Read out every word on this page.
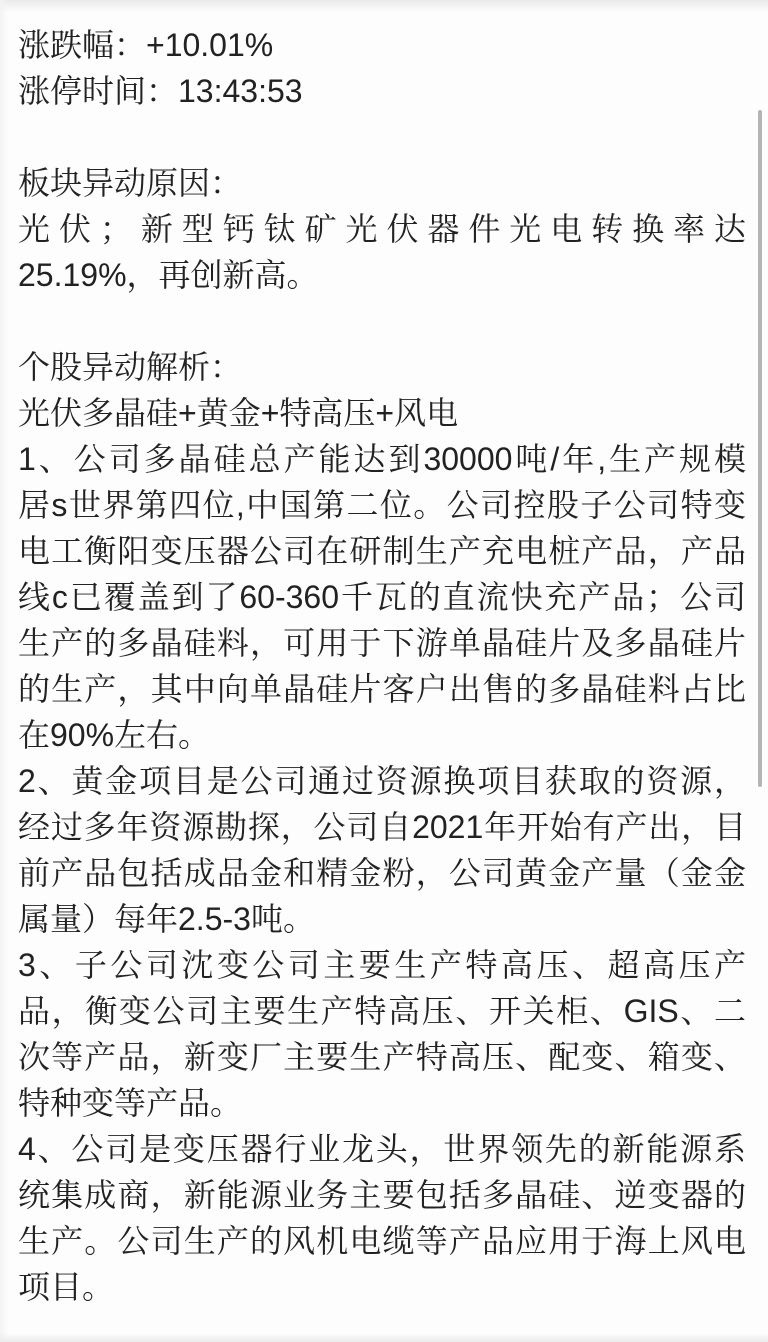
涨跌幅：+10.01%
涨停时间：13:43:53
板块异动原因：
光伏；新型钙钛矿光伏器件光电转换率达
25.19%，再创新高。
个股异动解析：
光伏多晶硅+黄金+特高压+风电
1、公司多晶硅总产能达到30000吨/年,生产规模
居s世界第四位,中国第二位。公司控股子公司特变
电工衡阳变压器公司在研制生产充电桩产品，产品
线c已覆盖到了60-360千瓦的直流快充产品；公司
生产的多晶硅料，可用于下游单晶硅片及多晶硅片
的生产，其中向单晶硅片客户出售的多晶硅料占比
在90%左右。
2、黄金项目是公司通过资源换项目获取的资源，
经过多年资源勘探，公司自2021年开始有产出，目
前产品包括成品金和精金粉，公司黄金产量（金金
属量）每年2.5-3吨。
3、子公司沈变公司主要生产特高压、超高压产
品，衡变公司主要生产特高压、开关柜、GIS、二
次等产品，新变厂主要生产特高压、配变、箱变、
特种变等产品。
4、公司是变压器行业龙头，世界领先的新能源系
统集成商，新能源业务主要包括多晶硅、逆变器的
生产。公司生产的风机电缆等产品应用于海上风电
项目。
